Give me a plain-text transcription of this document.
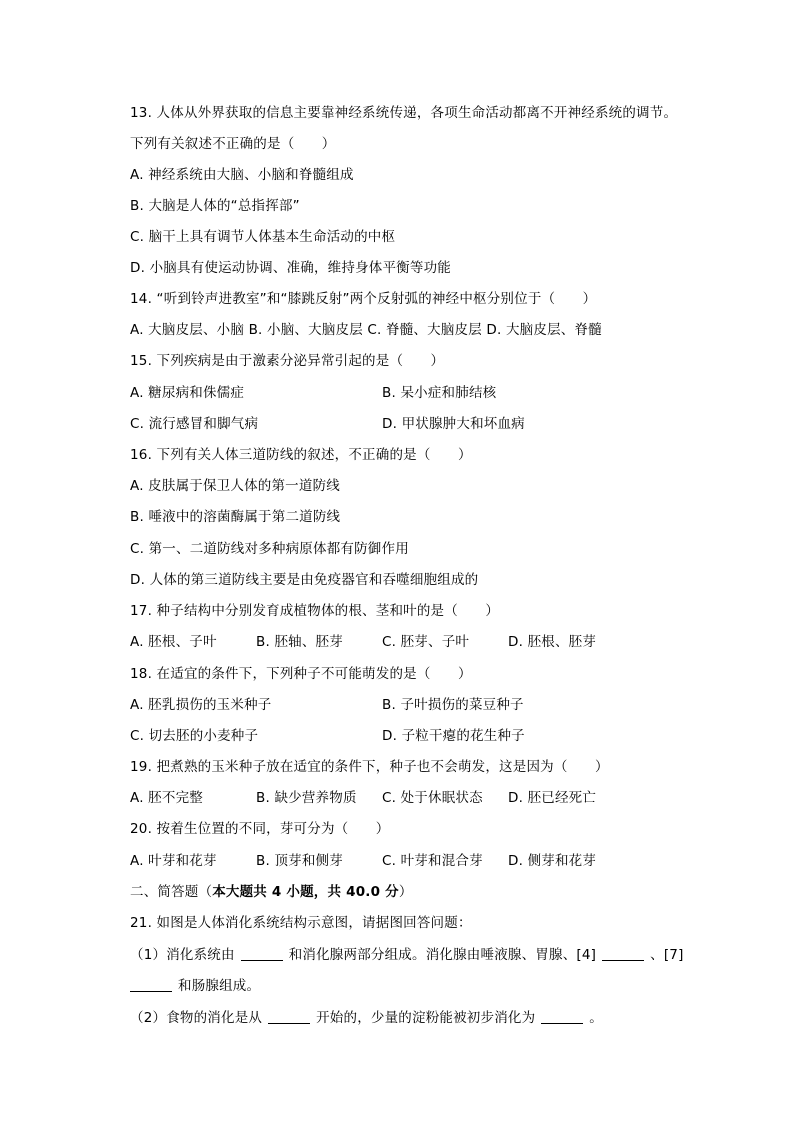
13. 人体从外界获取的信息主要靠神经系统传递，各项生命活动都离不开神经系统的调节。
下列有关叙述不正确的是（　　）
A. 神经系统由大脑、小脑和脊髓组成
B. 大脑是人体的“总指挥部”
C. 脑干上具有调节人体基本生命活动的中枢
D. 小脑具有使运动协调、准确，维持身体平衡等功能
14. “听到铃声进教室”和“膝跳反射”两个反射弧的神经中枢分别位于（　　）
A. 大脑皮层、小脑 B. 小脑、大脑皮层 C. 脊髓、大脑皮层 D. 大脑皮层、脊髓
15. 下列疾病是由于激素分泌异常引起的是（　　）
A. 糖尿病和侏儒症	B. 呆小症和肺结核
C. 流行感冒和脚气病	D. 甲状腺肿大和坏血病
16. 下列有关人体三道防线的叙述，不正确的是（　　）
A. 皮肤属于保卫人体的第一道防线
B. 唾液中的溶菌酶属于第二道防线
C. 第一、二道防线对多种病原体都有防御作用
D. 人体的第三道防线主要是由免疫器官和吞噬细胞组成的
17. 种子结构中分别发育成植物体的根、茎和叶的是（　　）
A. 胚根、子叶	B. 胚轴、胚芽	C. 胚芽、子叶	D. 胚根、胚芽
18. 在适宜的条件下，下列种子不可能萌发的是（　　）
A. 胚乳损伤的玉米种子	B. 子叶损伤的菜豆种子
C. 切去胚的小麦种子	D. 子粒干瘪的花生种子
19. 把煮熟的玉米种子放在适宜的条件下，种子也不会萌发，这是因为（　　）
A. 胚不完整	B. 缺少营养物质 C. 处于休眠状态 D. 胚已经死亡
20. 按着生位置的不同，芽可分为（　　）
A. 叶芽和花芽	B. 顶芽和侧芽	C. 叶芽和混合芽 D. 侧芽和花芽
二、简答题（本大题共 4 小题，共 40.0 分）
21. 如图是人体消化系统结构示意图，请据图回答问题：
（1）消化系统由	和消化腺两部分组成。消化腺由唾液腺、胃腺、[4]	、[7]
和肠腺组成。
（2）食物的消化是从	开始的，少量的淀粉能被初步消化为	。
